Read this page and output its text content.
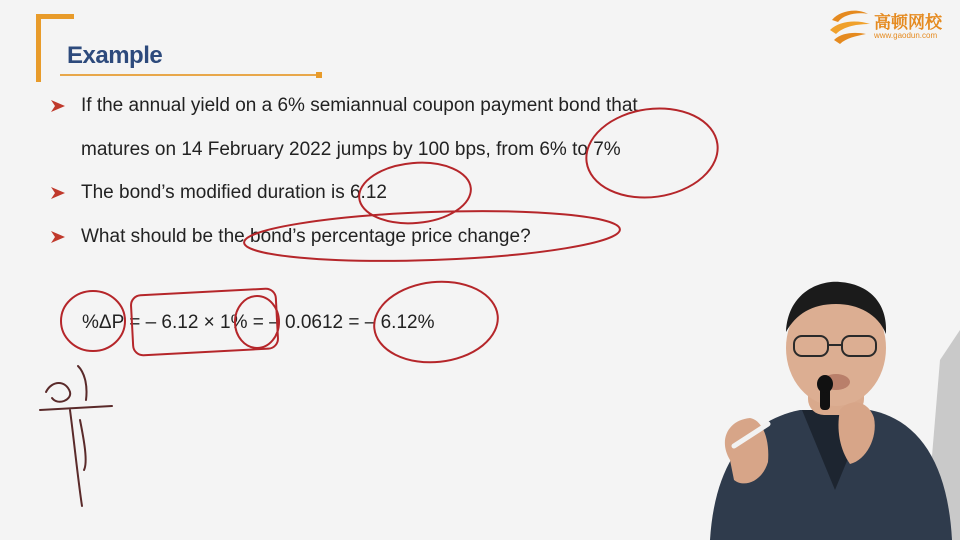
Example
高顿网校
www.gaodun.com
If the annual yield on a 6% semiannual coupon payment bond that
matures on 14 February 2022 jumps by 100 bps, from 6% to 7%
The bond’s modified duration is 6.12
What should be the bond’s percentage price change?
%ΔP = – 6.12 × 1% = – 0.0612 = – 6.12%
